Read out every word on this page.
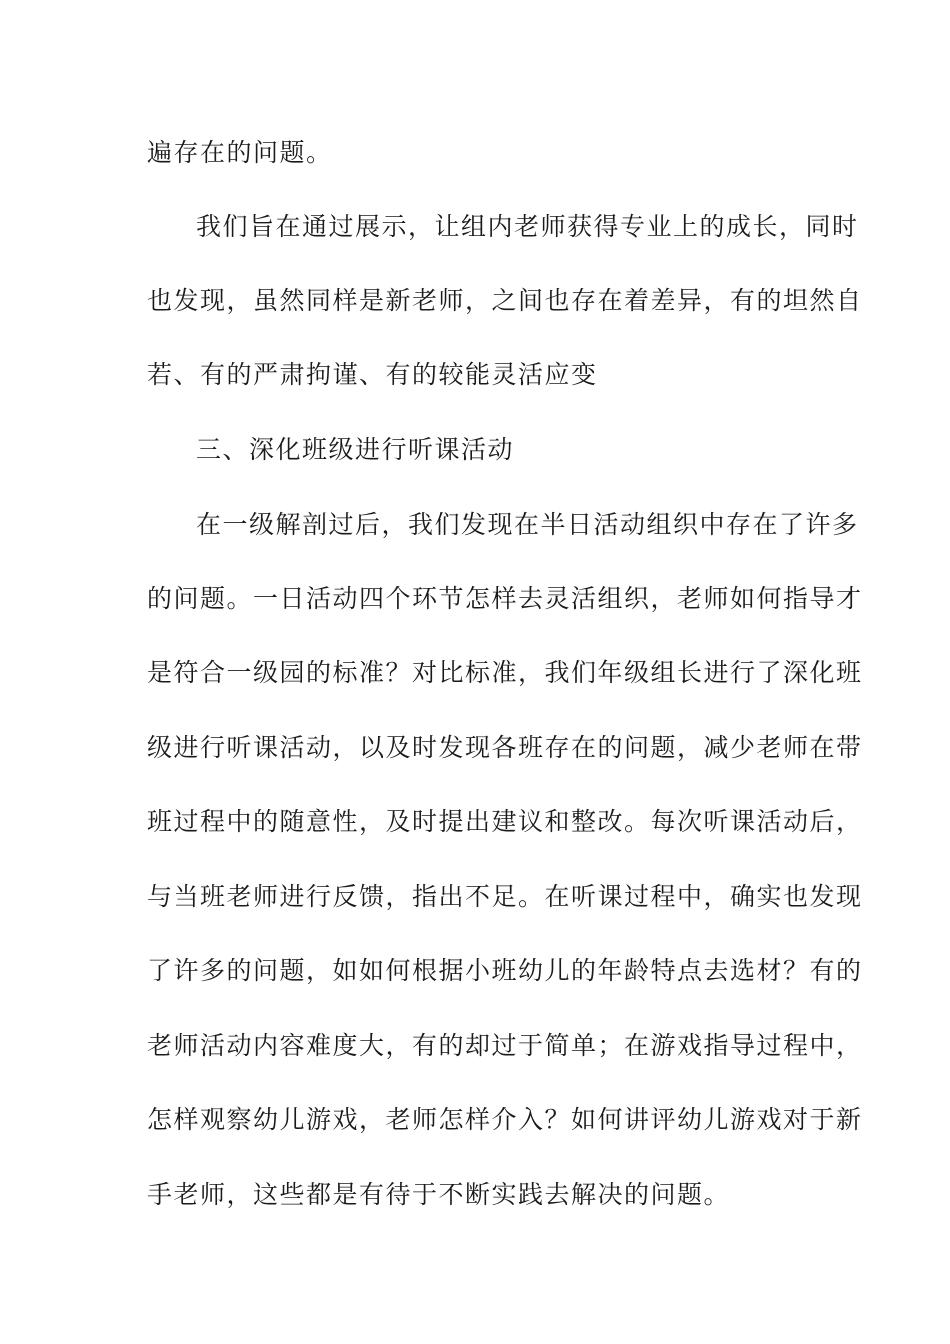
遍存在的问题。
我们旨在通过展示，让组内老师获得专业上的成长，同时
也发现，虽然同样是新老师，之间也存在着差异，有的坦然自
若、有的严肃拘谨、有的较能灵活应变
三、深化班级进行听课活动
在一级解剖过后，我们发现在半日活动组织中存在了许多
的问题。一日活动四个环节怎样去灵活组织，老师如何指导才
是符合一级园的标准？对比标准，我们年级组长进行了深化班
级进行听课活动，以及时发现各班存在的问题，减少老师在带
班过程中的随意性，及时提出建议和整改。每次听课活动后，
与当班老师进行反馈，指出不足。在听课过程中，确实也发现
了许多的问题，如如何根据小班幼儿的年龄特点去选材？有的
老师活动内容难度大，有的却过于简单；在游戏指导过程中，
怎样观察幼儿游戏，老师怎样介入？如何讲评幼儿游戏对于新
手老师，这些都是有待于不断实践去解决的问题。
